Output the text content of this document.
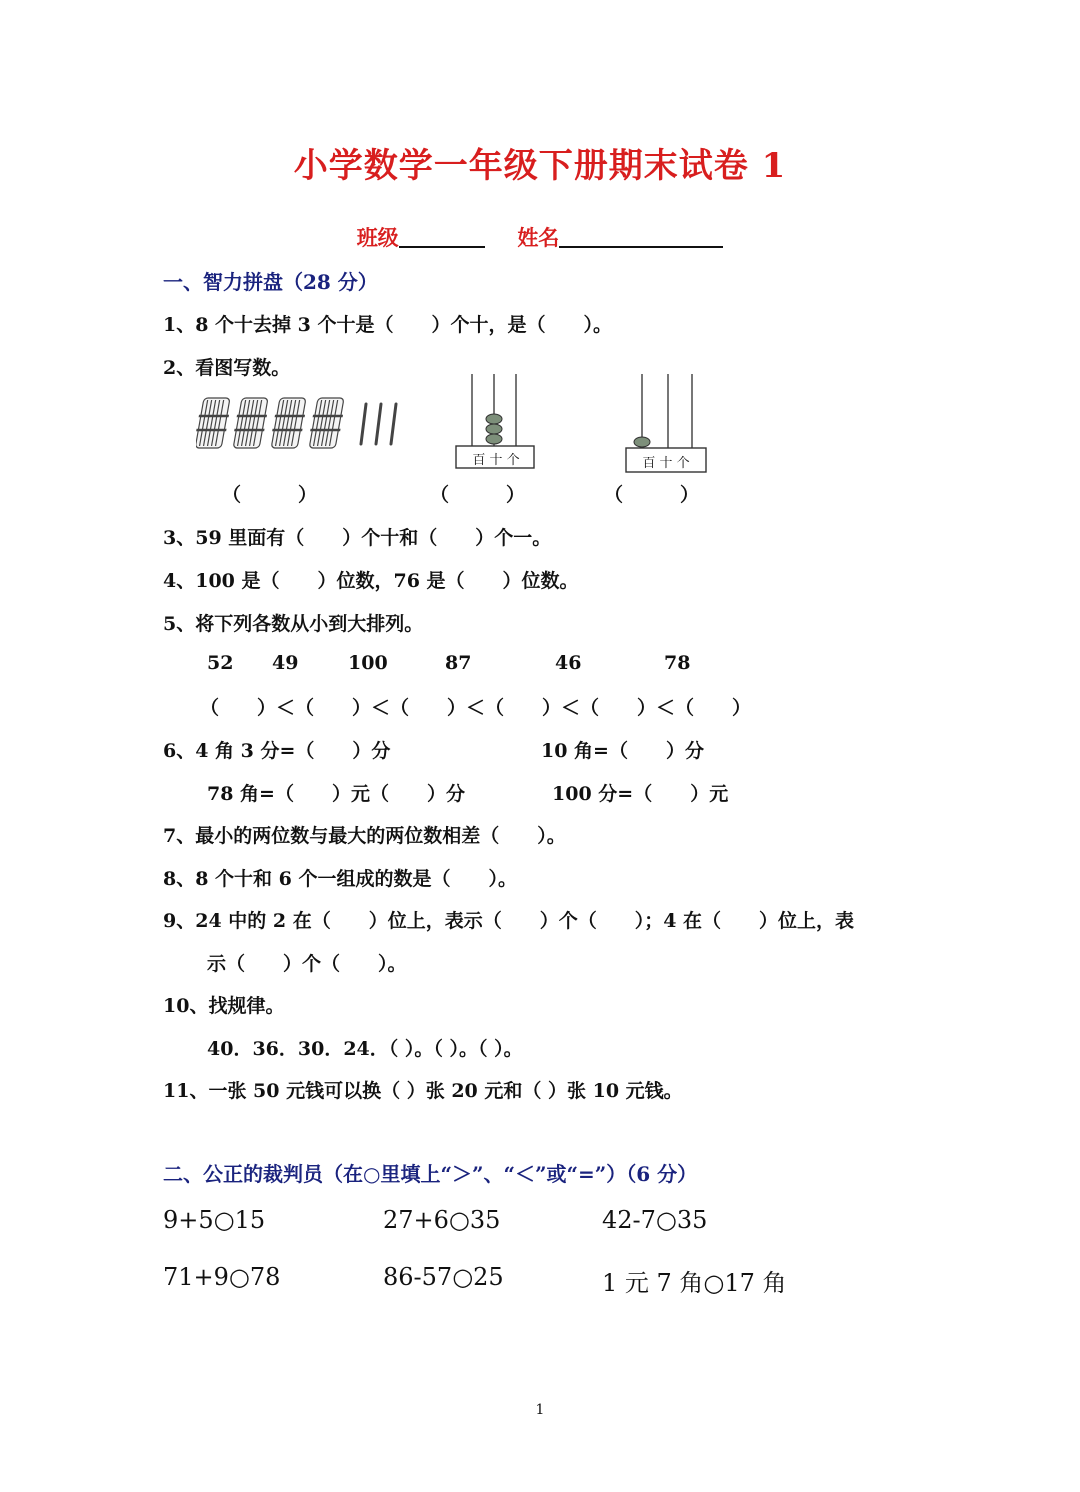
小学数学一年级下册期末试卷 1
班级	姓名
一、智力拼盘（28 分）
1、8 个十去掉 3 个十是（　　）个十，是（　　）。
2、看图写数。
百 十 个	百 十 个
（　　　）	（　　　）	（　　　）
3、59 里面有（　　）个十和（　　）个一。
4、100 是（　　）位数，76 是（　　）位数。
5、将下列各数从小到大排列。
52 49	100	87	46	78
（　　）＜（　　）＜（　　）＜（　　）＜（　　）＜（　　）
6、4 角 3 分=（　　）分	10 角=（　　）分
78 角=（　　）元（　　）分	100 分=（　　）元
7、最小的两位数与最大的两位数相差（　　）。
8、8 个十和 6 个一组成的数是（　　）。
9、24 中的 2 在（　　）位上，表示（　　）个（　　）；4 在（　　）位上，表
示（　　）个（　　）。
10、找规律。
40．36．30．24．（ ）。（ ）。（ ）。
11、一张 50 元钱可以换（ ）张 20 元和（ ）张 10 元钱。
二、公正的裁判员（在○里填上“＞”、“＜”或“=”）（6 分）
9+5○15	27+6○35	42-7○35
71+9○78	86-57○25	1 元 7 角○17 角
1
